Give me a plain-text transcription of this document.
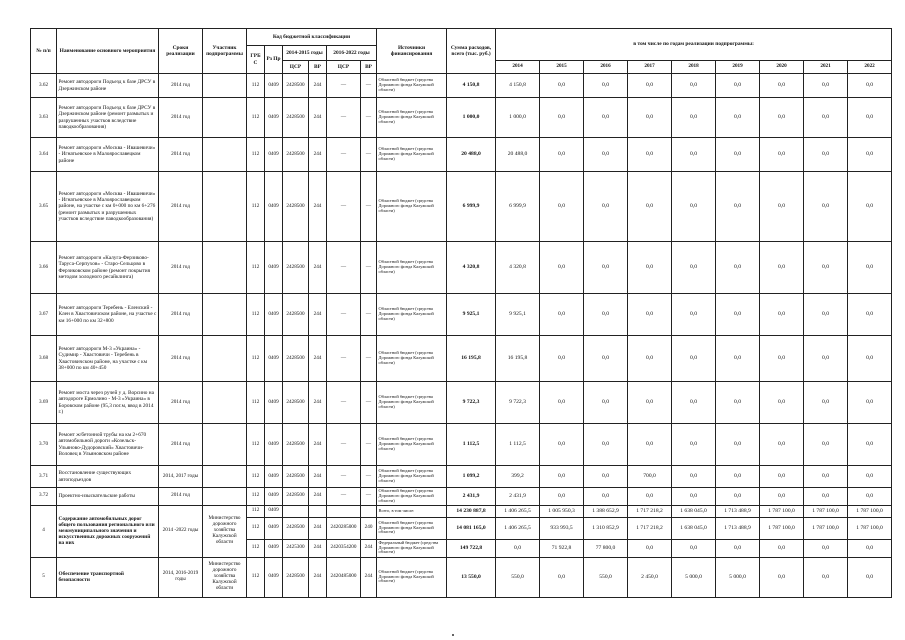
№ п/п	Наименование основного мероприятия	Сроки реализации	Участник подпрограммы	Код бюджетной классификации						Источники финансирования	Сумма расходов, всего (тыс. руб.)	в том числе по годам реализации подпрограммы:								
				ГРБС	Рз Пр	2014-2015 годы		2016-2022 годы												
						ЦСР	ВР													
								ЦСР	ВР			2014	2015	2016	2017	2018	2019	2020	2021	2022
3.62	Ремонт автодороги Подъезд к базе ДРСУ в Дзержинском районе	2014 год		112	0409	2428500	244	—	—	Областной бюджет (средства Дорожного фонда Калужской области)	4 150,8	4 150,8	0,0	0,0	0,0	0,0	0,0	0,0	0,0	0,0
3.63	Ремонт автодороги Подъезд к базе ДРСУ в Дзержинском районе (ремонт размытых и разрушенных участков вследствие паводкообразования)	2014 год		112	0409	2428500	244	—	—	Областной бюджет (средства Дорожного фонда Калужской области)	1 000,0	1 000,0	0,0	0,0	0,0	0,0	0,0	0,0	0,0	0,0
3.64	Ремонт автодороги «Москва - Ивашевичи» - Игнатьевское в Малоярославецком районе	2014 год		112	0409	2428500	244	—	—	Областной бюджет (средства Дорожного фонда Калужской области)	20 488,0	20 488,0	0,0	0,0	0,0	0,0	0,0	0,0	0,0	0,0
3.65	Ремонт автодороги «Москва - Ивашевичи» - Игнатьевское в Малоярославецком районе, на участке с км 0+000 по км 6+276 (ремонт размытых и разрушенных участков вследствие паводкообразования)	2014 год		112	0409	2428500	244	—	—	Областной бюджет (средства Дорожного фонда Калужской области)	6 999,9	6 999,9	0,0	0,0	0,0	0,0	0,0	0,0	0,0	0,0
3.66	Ремонт автодороги «Калуга-Ферзиково-Таруса-Серпухов» - Старо-Сельцово в Ферзиковском районе (ремонт покрытия методом холодного ресайклинга)	2014 год		112	0409	2428500	244	—	—	Областной бюджет (средства Дорожного фонда Калужской области)	4 320,8	4 320,8	0,0	0,0	0,0	0,0	0,0	0,0	0,0	0,0
3.67	Ремонт автодороги Теребень - Еленский - Клен в Хвастовичском районе, на участке с км 16+000 по км 32+800	2014 год		112	0409	2428500	244	—	—	Областной бюджет (средства Дорожного фонда Калужской области)	9 925,1	9 925,1	0,0	0,0	0,0	0,0	0,0	0,0	0,0	0,0
3.68	Ремонт автодороги М-3 «Украина» - Судимир - Хвастовичи - Теребень в Хвастовичском районе, на участке с км 38+000 по км 40+450	2014 год		112	0409	2428500	244	—	—	Областной бюджет (средства Дорожного фонда Калужской области)	16 195,8	16 195,8	0,0	0,0	0,0	0,0	0,0	0,0	0,0	0,0
3.69	Ремонт моста через ручей у д. Ворсино на автодороге Ермолино - М-3 «Украина» в Боровском районе (95,3 пог.м, ввод в 2014 г.)	2014 год		112	0409	2428500	244	—	—	Областной бюджет (средства Дорожного фонда Калужской области)	9 722,3	9 722,3	0,0	0,0	0,0	0,0	0,0	0,0	0,0	0,0
3.70	Ремонт ж/бетонной трубы на км 2+670 автомобильной дороги «Козельск-Ульяново-Дудоровский» Хвастовичи-Воловец в Ульяновском районе	2014 год		112	0409	2428500	244	—	—	Областной бюджет (средства Дорожного фонда Калужской области)	1 112,5	1 112,5	0,0	0,0	0,0	0,0	0,0	0,0	0,0	0,0
3.71	Восстановление существующих автоподъездов	2014, 2017 годы		112	0409	2428500	244	—	—	Областной бюджет (средства Дорожного фонда Калужской области)	1 099,2	399,2	0,0	0,0	700,0	0,0	0,0	0,0	0,0	0,0
3.72	Проектно-изыскательские работы	2014 год		112	0409	2428500	244	—	—	Областной бюджет (средства Дорожного фонда Калужской области)	2 431,9	2 431,9	0,0	0,0	0,0	0,0	0,0	0,0	0,0	0,0
4	Содержание автомобильных дорог общего пользования регионального или межмуниципального значения и искусственных дорожных сооружений на них	2014 -2022 годы	Министерство дорожного хозяйства Калужской области	112	0409					Всего, в том числе:	14 230 887,8	1 406 265,5	1 005 950,3	1 388 652,9	1 717 218,2	1 638 045,0	1 713 488,9	1 787 100,0	1 787 100,0	1 787 100,0
				112	0409	2428500	244	2420285000	240	Областной бюджет (средства Дорожного фонда Калужской области)	14 081 165,0	1 406 265,5	933 993,5	1 310 852,9	1 717 218,2	1 638 045,0	1 713 488,9	1 787 100,0	1 787 100,0	1 787 100,0
				112	0409	2425300	244	2420354200	244	Федеральный бюджет (средства Дорожного фонда Калужской области)	149 722,8	0,0	71 922,8	77 800,0	0,0	0,0	0,0	0,0	0,0	0,0
5	Обеспечение транспортной безопасности	2014, 2016-2019 годы	Министерство дорожного хозяйства Калужской области	112	0409	2428500	244	2420485000	244	Областной бюджет (средства Дорожного фонда Калужской области)	13 550,0	550,0	0,0	550,0	2 450,0	5 000,0	5 000,0	0,0	0,0	0,0
